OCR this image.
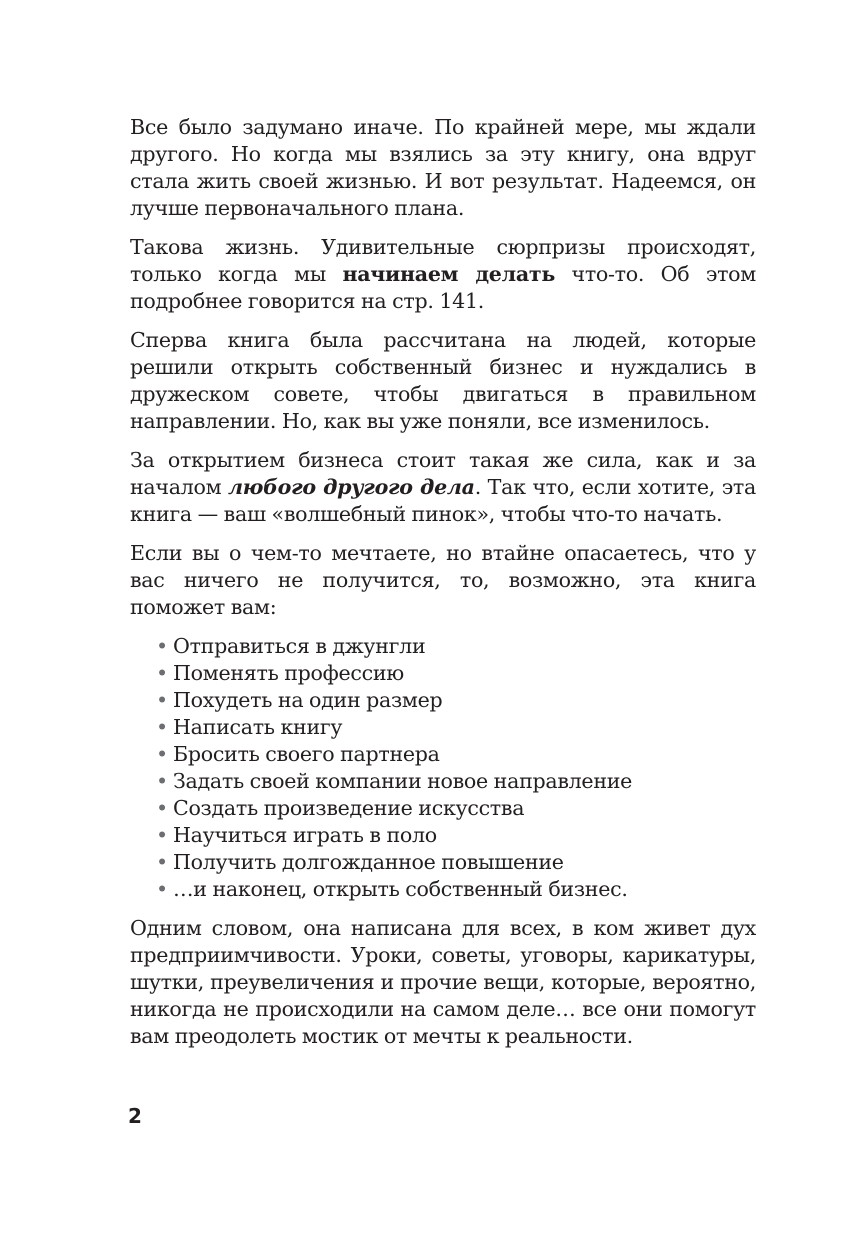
Все было задумано иначе. По крайней мере, мы ждали другого. Но когда мы взялись за эту книгу, она вдруг стала жить своей жизнью. И вот результат. Надеемся, он лучше первоначального плана.

Такова жизнь. Удивительные сюрпризы происходят, только когда мы начинаем делать что-то. Об этом подробнее говорится на стр. 141.

Сперва книга была рассчитана на людей, которые решили открыть собственный бизнес и нуждались в дружеском совете, чтобы двигаться в правильном направлении. Но, как вы уже поняли, все изменилось.

За открытием бизнеса стоит такая же сила, как и за началом любого другого дела. Так что, если хотите, эта книга — ваш «волшебный пинок», чтобы что-то начать.

Если вы о чем-то мечтаете, но втайне опасаетесь, что у вас ничего не получится, то, возможно, эта книга поможет вам:

• Отправиться в джунгли
• Поменять профессию
• Похудеть на один размер
• Написать книгу
• Бросить своего партнера
• Задать своей компании новое направление
• Создать произведение искусства
• Научиться играть в поло
• Получить долгожданное повышение
• …и наконец, открыть собственный бизнес.

Одним словом, она написана для всех, в ком живет дух предприимчивости. Уроки, советы, уговоры, карикатуры, шутки, преувеличения и прочие вещи, которые, вероятно, никогда не происходили на самом деле… все они помогут вам преодолеть мостик от мечты к реальности.

2
